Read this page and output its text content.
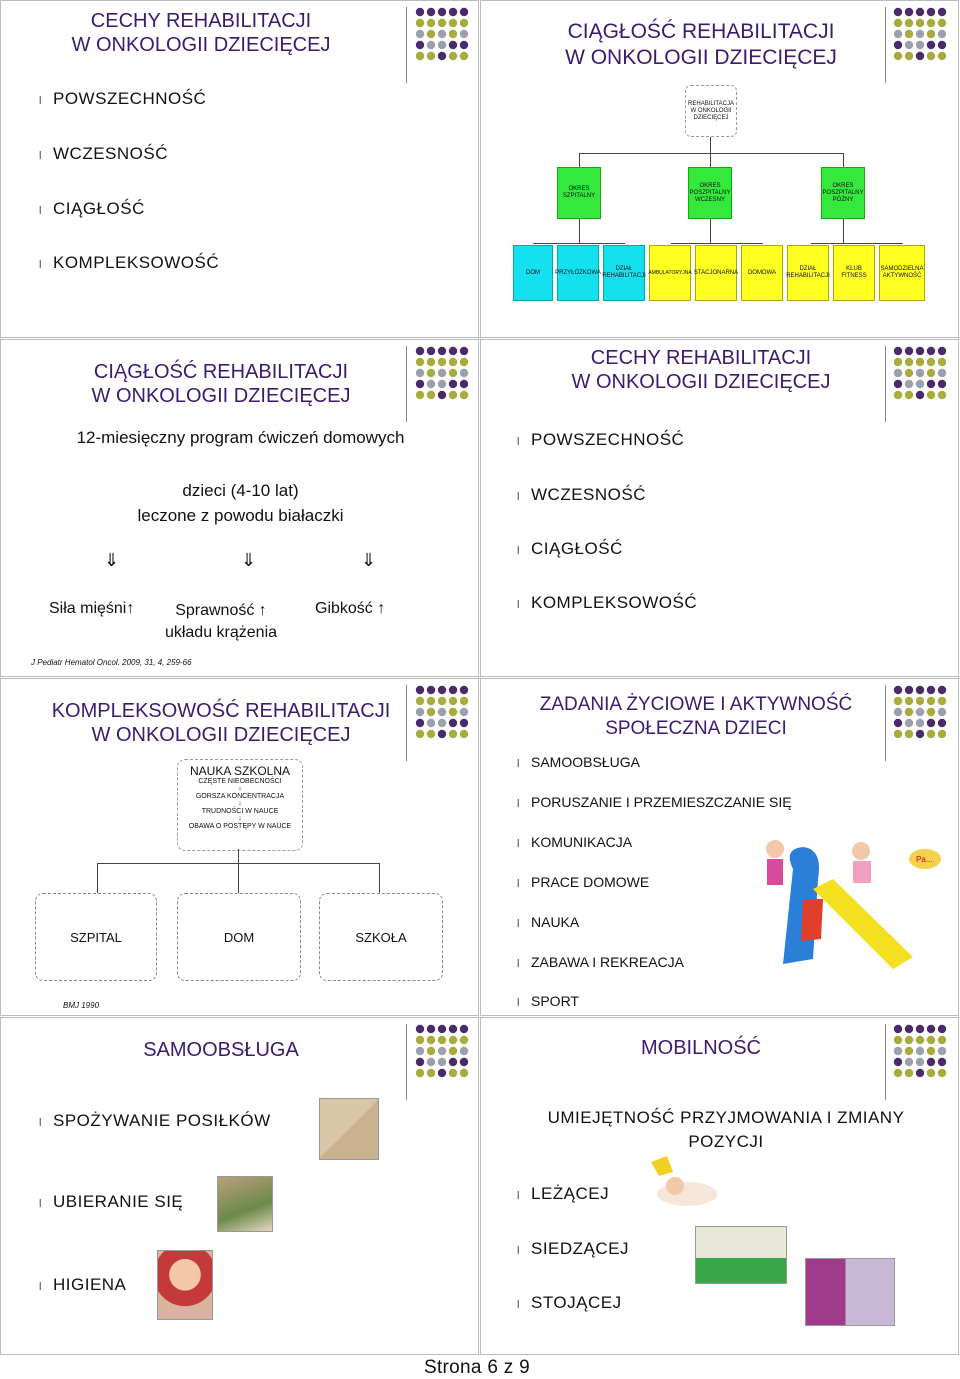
CECHY REHABILITACJI
W ONKOLOGII DZIECIĘCEJ
l POWSZECHNOŚĆ
l WCZESNOŚĆ
l CIĄGŁOŚĆ
l KOMPLEKSOWOŚĆ
CIĄGŁOŚĆ REHABILITACJI
W ONKOLOGII DZIECIĘCEJ
REHABILITACJA W ONKOLOGII DZIECIĘCEJ
OKRES SZPITALNY
OKRES POSZPITALNY WCZESNY
OKRES POSZPITALNY PÓŹNY
DOM	PRZYŁÓŻKOWA
DZIAŁ REHABILITACJI
AMBULATORYJNA STACJONARNA	DOMOWA
DZIAŁ REHABILITACJI
KLUB FITNESS
SAMODZIELNA AKTYWNOŚĆ
CIĄGŁOŚĆ REHABILITACJI
W ONKOLOGII DZIECIĘCEJ
12-miesięczny program ćwiczeń domowych
dzieci (4-10 lat)
leczone z powodu białaczki
⇓	⇓	⇓
Siła mięśni↑	Sprawność ↑
układu krążenia
Gibkość ↑
J Pediatr Hematol Oncol. 2009, 31, 4, 259-66
CECHY REHABILITACJI
W ONKOLOGII DZIECIĘCEJ
l POWSZECHNOŚĆ
l WCZESNOŚĆ
l CIĄGŁOŚĆ
l KOMPLEKSOWOŚĆ
KOMPLEKSOWOŚĆ REHABILITACJI
W ONKOLOGII DZIECIĘCEJ
NAUKA SZKOLNA
CZĘSTE NIEOBECNOŚCI
↓
GORSZA KONCENTRACJA
↓
TRUDNOŚCI W NAUCE
↓
OBAWA O POSTĘPY W NAUCE
SZPITAL	DOM	SZKOŁA
BMJ 1990
ZADANIA ŻYCIOWE I AKTYWNOŚĆ
SPOŁECZNA DZIECI
l SAMOOBSŁUGA
l PORUSZANIE I PRZEMIESZCZANIE SIĘ
l KOMUNIKACJA
l PRACE DOMOWE
l NAUKA
l ZABAWA I REKREACJA
l SPORT
Pa...
SAMOOBSŁUGA
l SPOŻYWANIE POSIŁKÓW
l UBIERANIE SIĘ
l HIGIENA
MOBILNOŚĆ
UMIEJĘTNOŚĆ PRZYJMOWANIA I ZMIANY
POZYCJI
l LEŻĄCEJ
l SIEDZĄCEJ
l STOJĄCEJ
Strona 6 z 9
